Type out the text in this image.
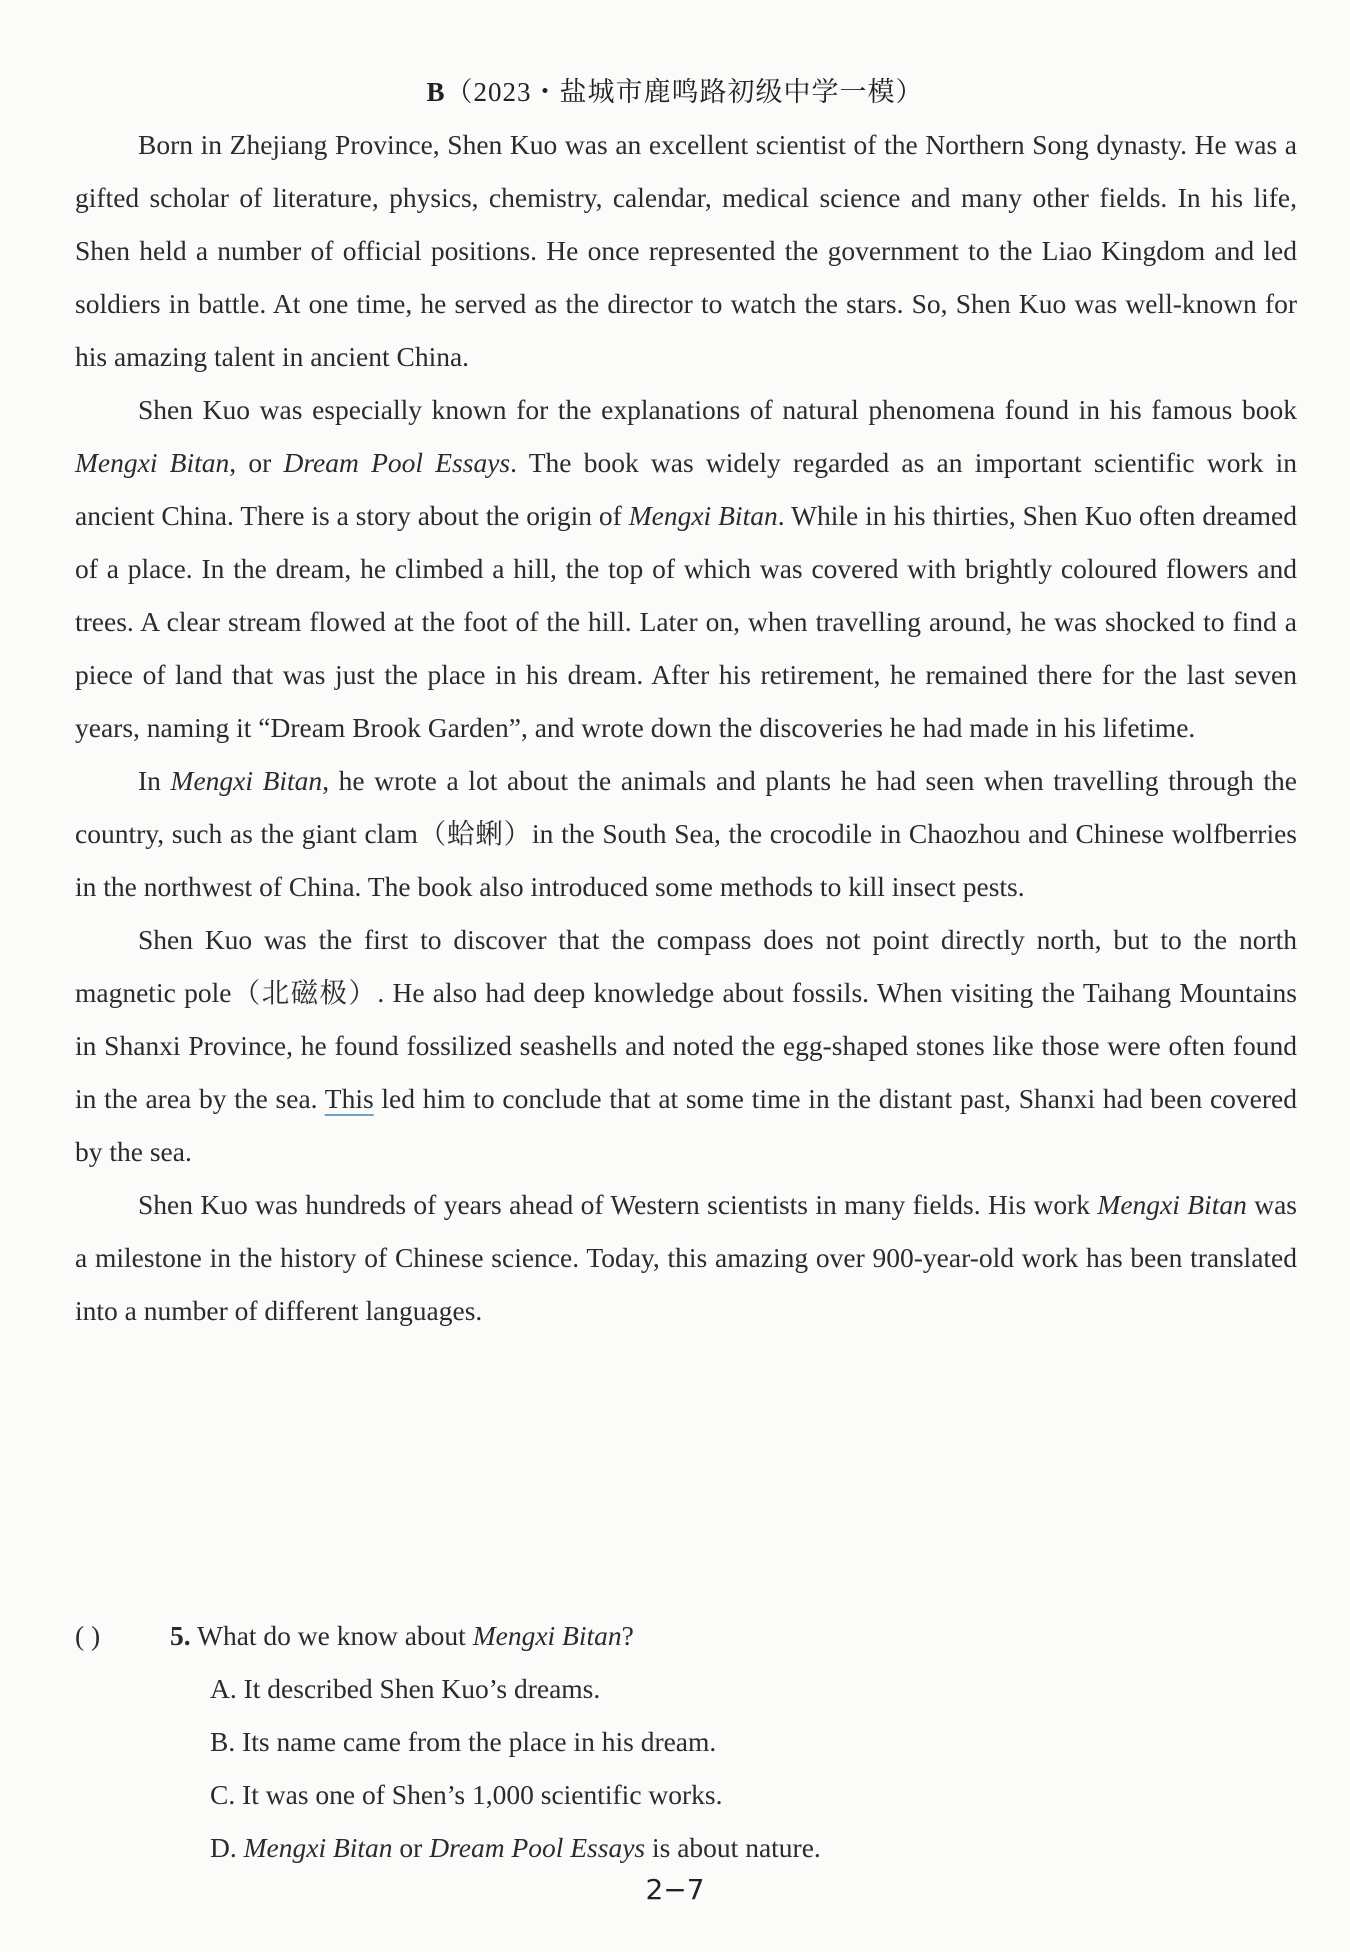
B（2023・盐城市鹿鸣路初级中学一模）

Born in Zhejiang Province, Shen Kuo was an excellent scientist of the Northern Song dynasty. He was a gifted scholar of literature, physics, chemistry, calendar, medical science and many other fields. In his life, Shen held a number of official positions. He once represented the government to the Liao Kingdom and led soldiers in battle. At one time, he served as the director to watch the stars. So, Shen Kuo was well-known for his amazing talent in ancient China.

Shen Kuo was especially known for the explanations of natural phenomena found in his famous book Mengxi Bitan, or Dream Pool Essays. The book was widely regarded as an important scientific work in ancient China. There is a story about the origin of Mengxi Bitan. While in his thirties, Shen Kuo often dreamed of a place. In the dream, he climbed a hill, the top of which was covered with brightly coloured flowers and trees. A clear stream flowed at the foot of the hill. Later on, when travelling around, he was shocked to find a piece of land that was just the place in his dream. After his retirement, he remained there for the last seven years, naming it “Dream Brook Garden”, and wrote down the discoveries he had made in his lifetime.

In Mengxi Bitan, he wrote a lot about the animals and plants he had seen when travelling through the country, such as the giant clam（蛤蜊）in the South Sea, the crocodile in Chaozhou and Chinese wolfberries in the northwest of China. The book also introduced some methods to kill insect pests.

Shen Kuo was the first to discover that the compass does not point directly north, but to the north magnetic pole（北磁极）. He also had deep knowledge about fossils. When visiting the Taihang Mountains in Shanxi Province, he found fossilized seashells and noted the egg-shaped stones like those were often found in the area by the sea. This led him to conclude that at some time in the distant past, Shanxi had been covered by the sea.

Shen Kuo was hundreds of years ahead of Western scientists in many fields. His work Mengxi Bitan was a milestone in the history of Chinese science. Today, this amazing over 900-year-old work has been translated into a number of different languages.

( )	5. What do we know about Mengxi Bitan?
A. It described Shen Kuo’s dreams.
B. Its name came from the place in his dream.
C. It was one of Shen’s 1,000 scientific works.
D. Mengxi Bitan or Dream Pool Essays is about nature.
2−7
